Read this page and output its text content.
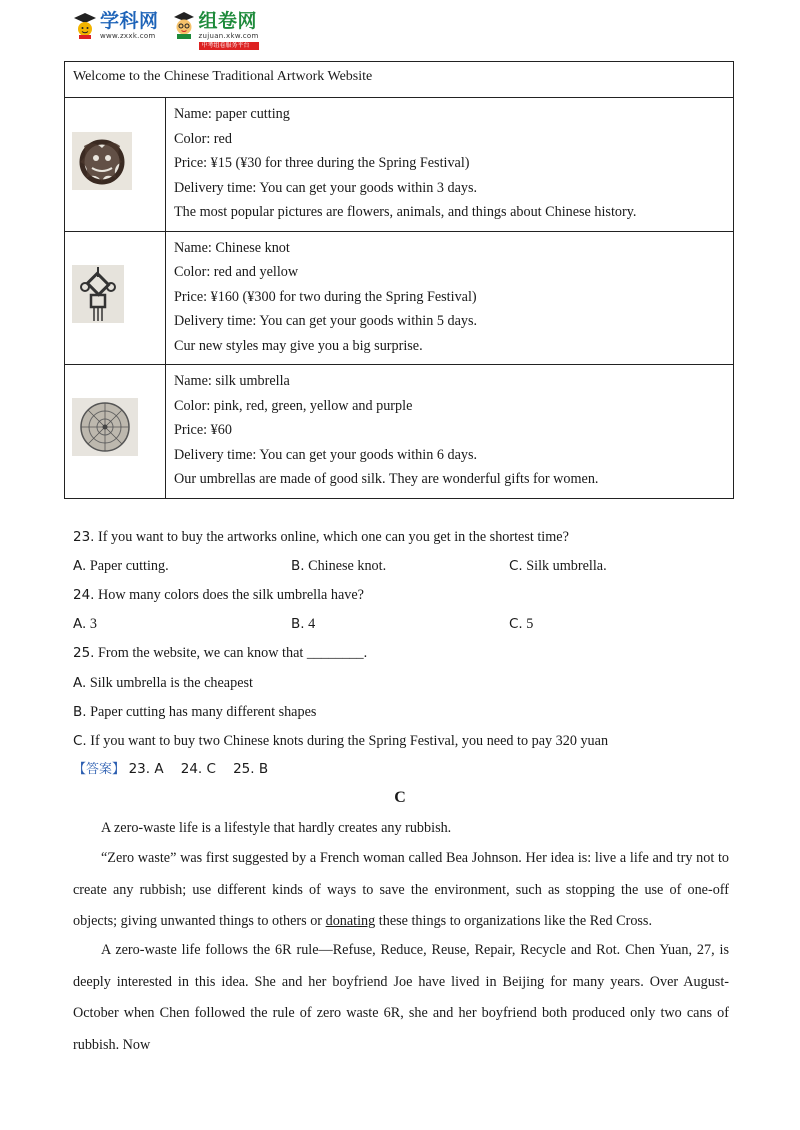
学科网
www.zxxk.com
组卷网
zujuan.xkw.com
中考组卷服务平台
Welcome to the Chinese Traditional Artwork Website	

Name: paper cutting

Color: red

Price: ¥15 (¥30 for three during the Spring Festival)

Delivery time: You can get your goods within 3 days.

The most popular pictures are flowers, animals, and things about Chinese history.

Name: Chinese knot

Color: red and yellow

Price: ¥160 (¥300 for two during the Spring Festival)

Delivery time: You can get your goods within 5 days.

Cur new styles may give you a big surprise.

Name: silk umbrella

Color: pink, red, green, yellow and purple

Price: ¥60

Delivery time: You can get your goods within 6 days.

Our umbrellas are made of good silk. They are wonderful gifts for women.

23. If you want to buy the artworks online, which one can you get in the shortest time?
A. Paper cutting.	B. Chinese knot.	C. Silk umbrella.
24. How many colors does the silk umbrella have?
A. 3	B. 4	C. 5
25. From the website, we can know that ________.
A. Silk umbrella is the cheapest
B. Paper cutting has many different shapes
C. If you want to buy two Chinese knots during the Spring Festival, you need to pay 320 yuan
【答案】 23. A    24. C    25. B
C

A zero-waste life is a lifestyle that hardly creates any rubbish.

“Zero waste” was first suggested by a French woman called Bea Johnson. Her idea is: live a life and try not to create any rubbish; use different kinds of ways to save the environment, such as stopping the use of one-off objects; giving unwanted things to others or donating these things to organizations like the Red Cross.

A zero-waste life follows the 6R rule—Refuse, Reduce, Reuse, Repair, Recycle and Rot. Chen Yuan, 27, is deeply interested in this idea. She and her boyfriend Joe have lived in Beijing for many years. Over August-October when Chen followed the rule of zero waste 6R, she and her boyfriend both produced only two cans of rubbish. Now
